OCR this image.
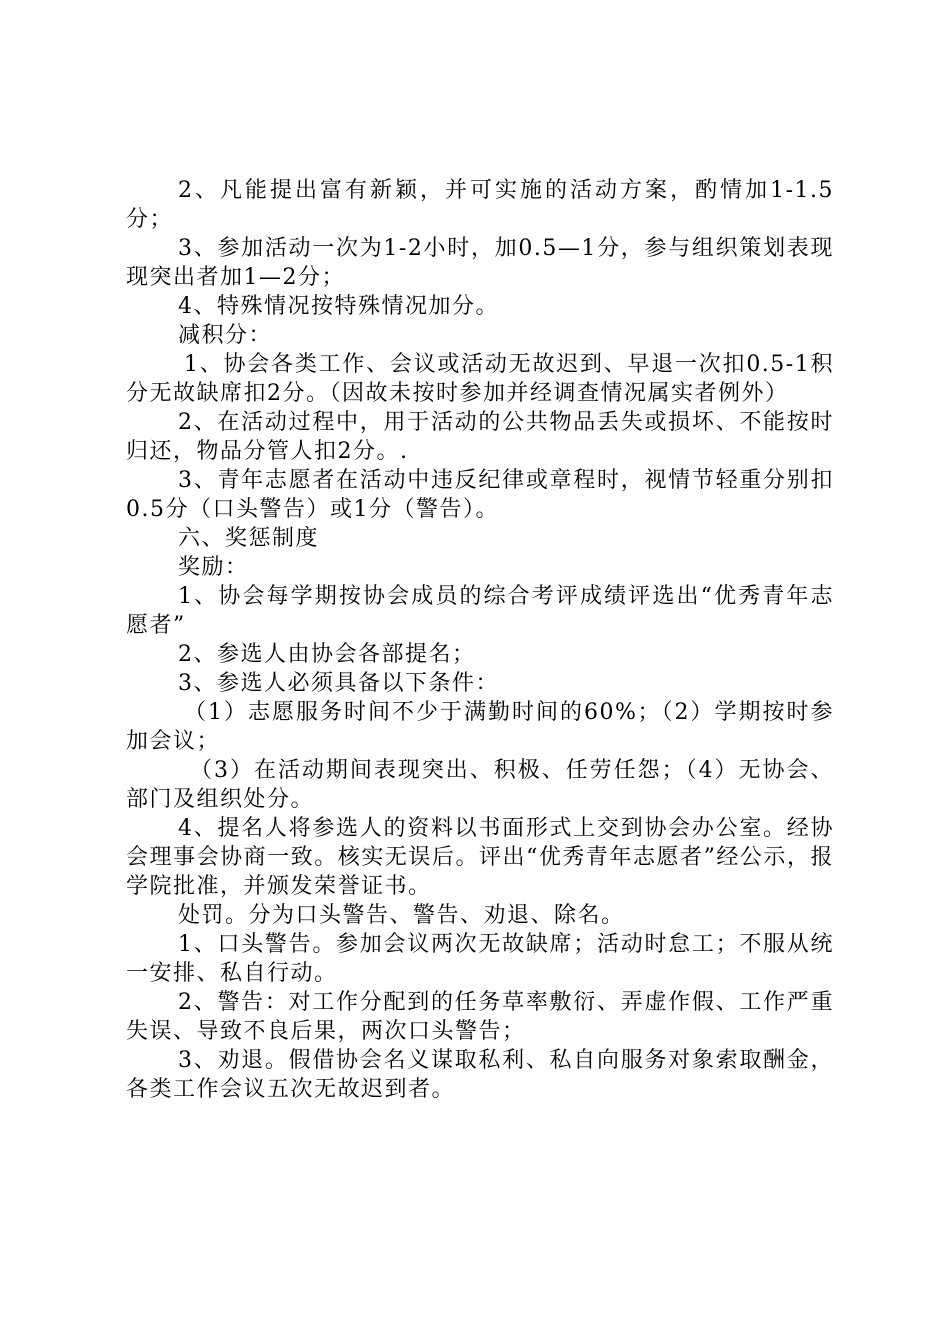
2、凡能提出富有新颖，并可实施的活动方案，酌情加1-1.5分；

3、参加活动一次为1-2小时，加0.5—1分，参与组织策划表现现突出者加1—2分；

4、特殊情况按特殊情况加分。

减积分：

1、协会各类工作、会议或活动无故迟到、早退一次扣0.5-1积分无故缺席扣2分。（因故未按时参加并经调查情况属实者例外）

2、在活动过程中，用于活动的公共物品丢失或损坏、不能按时归还，物品分管人扣2分。.

3、青年志愿者在活动中违反纪律或章程时，视情节轻重分别扣0.5分（口头警告）或1分（警告）。

六、奖惩制度

奖励：

1、协会每学期按协会成员的综合考评成绩评选出“优秀青年志愿者”

2、参选人由协会各部提名；

3、参选人必须具备以下条件：

（1）志愿服务时间不少于满勤时间的60%；（2）学期按时参加会议；

（3）在活动期间表现突出、积极、任劳任怨；（4）无协会、部门及组织处分。

4、提名人将参选人的资料以书面形式上交到协会办公室。经协会理事会协商一致。核实无误后。评出“优秀青年志愿者”经公示，报学院批准，并颁发荣誉证书。

处罚。分为口头警告、警告、劝退、除名。

1、口头警告。参加会议两次无故缺席；活动时怠工；不服从统一安排、私自行动。

2、警告：对工作分配到的任务草率敷衍、弄虚作假、工作严重失误、导致不良后果，两次口头警告；

3、劝退。假借协会名义谋取私利、私自向服务对象索取酬金，各类工作会议五次无故迟到者。
